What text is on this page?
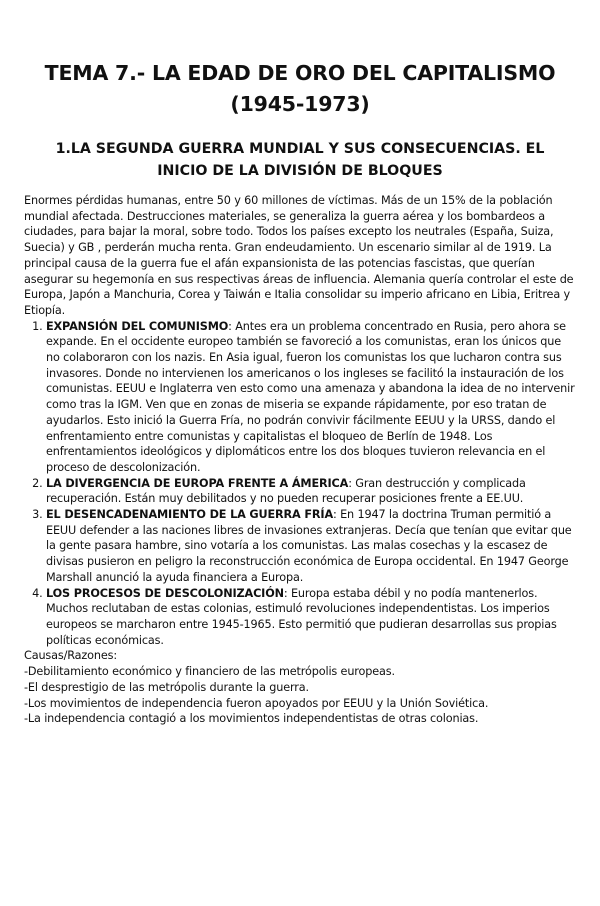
TEMA 7.- LA EDAD DE ORO DEL CAPITALISMO (1945-1973)
1.LA SEGUNDA GUERRA MUNDIAL Y SUS CONSECUENCIAS. EL INICIO DE LA DIVISIÓN DE BLOQUES

Enormes pérdidas humanas, entre 50 y 60 millones de víctimas. Más de un 15% de la población mundial afectada. Destrucciones materiales, se generaliza la guerra aérea y los bombardeos a ciudades, para bajar la moral, sobre todo. Todos los países excepto los neutrales (España, Suiza, Suecia) y GB , perderán mucha renta. Gran endeudamiento. Un escenario similar al de 1919. La principal causa de la guerra fue el afán expansionista de las potencias fascistas, que querían asegurar su hegemonía en sus respectivas áreas de influencia. Alemania quería controlar el este de Europa, Japón a Manchuria, Corea y Taiwán e Italia consolidar su imperio africano en Libia, Eritrea y Etiopía.

1. EXPANSIÓN DEL COMUNISMO: Antes era un problema concentrado en Rusia, pero ahora se expande. En el occidente europeo también se favoreció a los comunistas, eran los únicos que no colaboraron con los nazis. En Asia igual, fueron los comunistas los que lucharon contra sus invasores. Donde no intervienen los americanos o los ingleses se facilitó la instauración de los comunistas. EEUU e Inglaterra ven esto como una amenaza y abandona la idea de no intervenir como tras la IGM. Ven que en zonas de miseria se expande rápidamente, por eso tratan de ayudarlos. Esto inició la Guerra Fría, no podrán convivir fácilmente EEUU y la URSS, dando el enfrentamiento entre comunistas y capitalistas el bloqueo de Berlín de 1948. Los enfrentamientos ideológicos y diplomáticos entre los dos bloques tuvieron relevancia en el proceso de descolonización.
2. LA DIVERGENCIA DE EUROPA FRENTE A ÁMERICA: Gran destrucción y complicada recuperación. Están muy debilitados y no pueden recuperar posiciones frente a EE.UU.
3. EL DESENCADENAMIENTO DE LA GUERRA FRÍA: En 1947 la doctrina Truman permitió a EEUU defender a las naciones libres de invasiones extranjeras. Decía que tenían que evitar que la gente pasara hambre, sino votaría a los comunistas. Las malas cosechas y la escasez de divisas pusieron en peligro la reconstrucción económica de Europa occidental. En 1947 George Marshall anunció la ayuda financiera a Europa.
4. LOS PROCESOS DE DESCOLONIZACIÓN: Europa estaba débil y no podía mantenerlos. Muchos reclutaban de estas colonias, estimuló revoluciones independentistas. Los imperios europeos se marcharon entre 1945-1965. Esto permitió que pudieran desarrollas sus propias políticas económicas.
Causas/Razones:
-Debilitamiento económico y financiero de las metrópolis europeas.
-El desprestigio de las metrópolis durante la guerra.
-Los movimientos de independencia fueron apoyados por EEUU y la Unión Soviética.
-La independencia contagió a los movimientos independentistas de otras colonias.
